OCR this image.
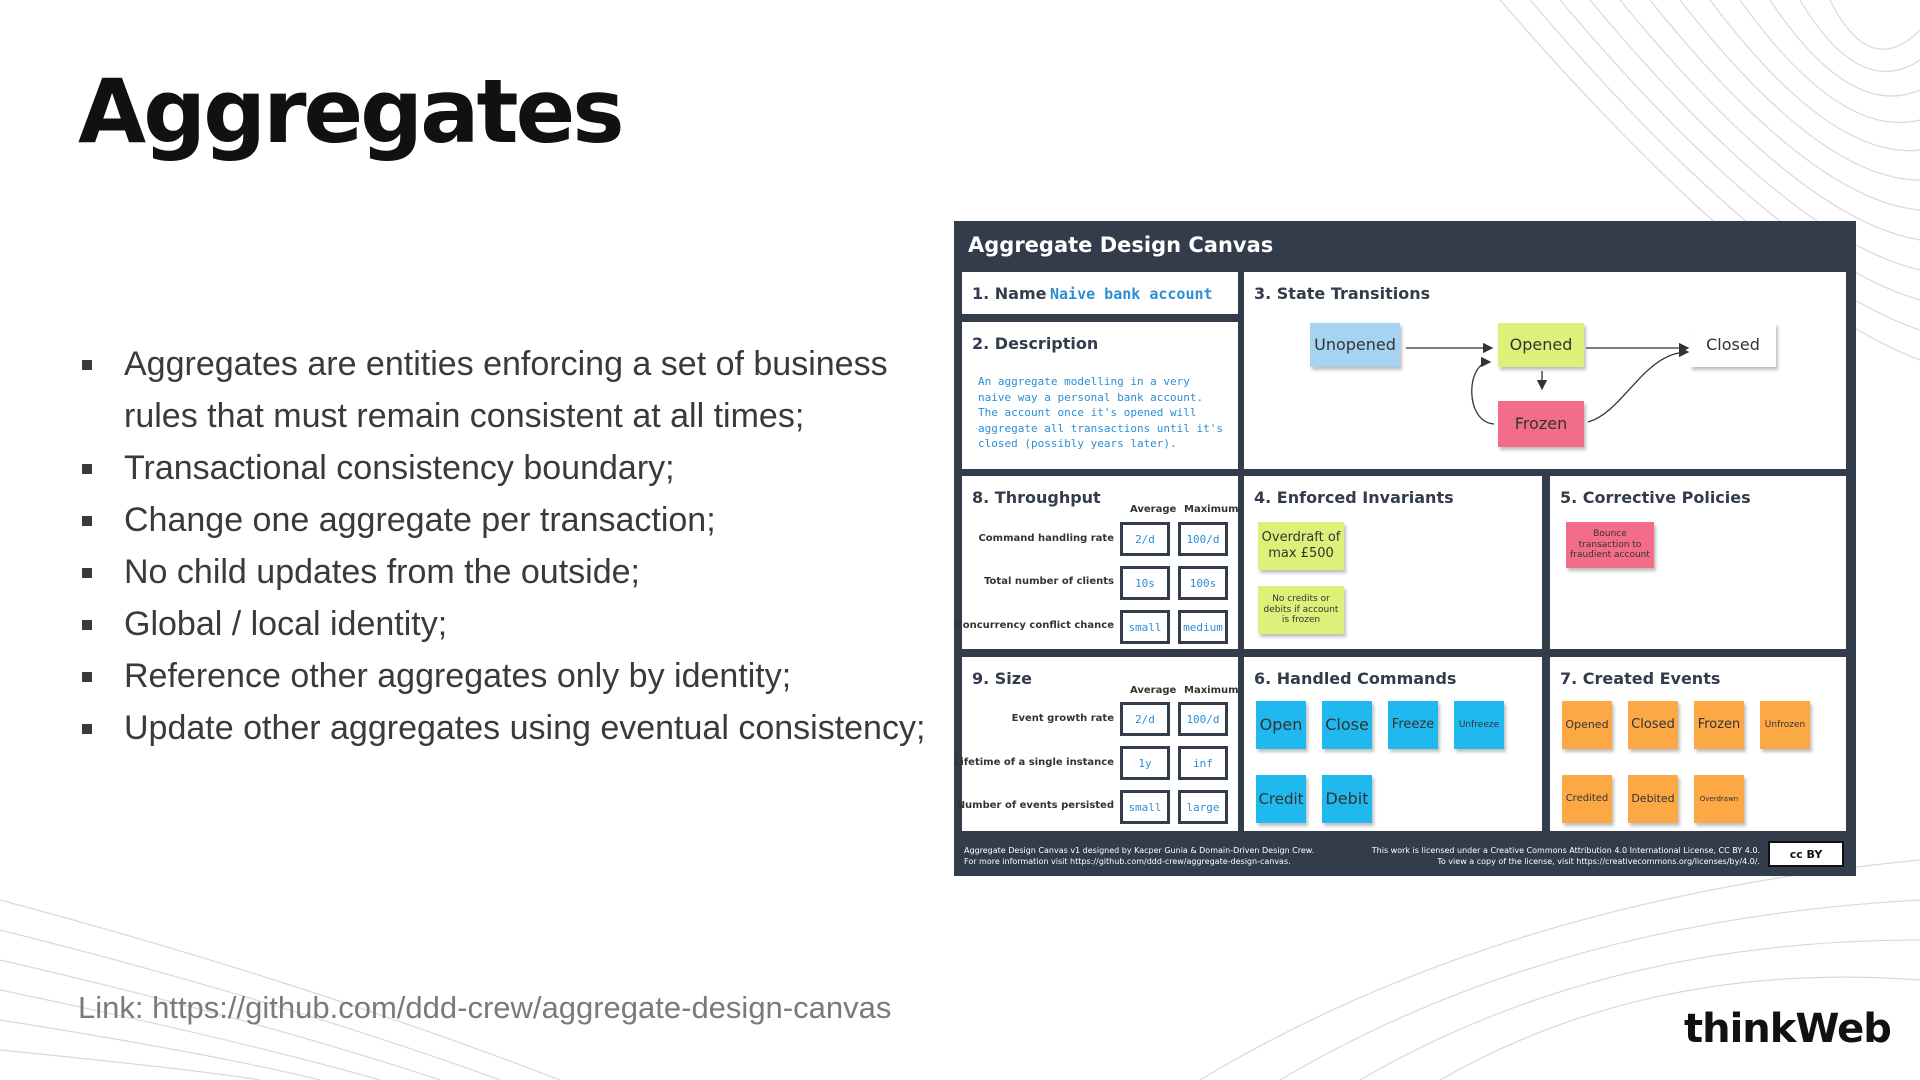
Aggregates
Aggregates are entities enforcing a set of business rules that must remain consistent at all times;
Transactional consistency boundary;
Change one aggregate per transaction;
No child updates from the outside;
Global / local identity;
Reference other aggregates only by identity;
Update other aggregates using eventual consistency;
Aggregate Design Canvas
1. Name Naive bank account
2. Description
An aggregate modelling in a very naive way a personal bank account. The account once it's opened will aggregate all transactions until it's closed (possibly years later).
3. State Transitions
Unopened	Opened	Closed
Frozen
8. Throughput
Average Maximum
Command handling rate	2/d	100/d
Total number of clients	10s	100s
Concurrency conflict chance	small	medium
4. Enforced Invariants
Overdraft of max £500
No credits or debits if account is frozen
5. Corrective Policies
Bounce transaction to fraudient account
9. Size
Average Maximum
Event growth rate	2/d	100/d
Lifetime of a single instance	1y	inf
Number of events persisted	small	large
6. Handled Commands
Open Close Freeze	Unfreeze
Credit Debit
7. Created Events
Opened Closed Frozen	Unfrozen
Credited	Debited	Overdrawn
Aggregate Design Canvas v1 designed by Kacper Gunia & Domain-Driven Design Crew.
For more information visit https://github.com/ddd-crew/aggregate-design-canvas.
This work is licensed under a Creative Commons Attribution 4.0 International License, CC BY 4.0.
To view a copy of the license, visit https://creativecommons.org/licenses/by/4.0/.
cc BY
Link: https://github.com/ddd-crew/aggregate-design-canvas	thinkWeb
